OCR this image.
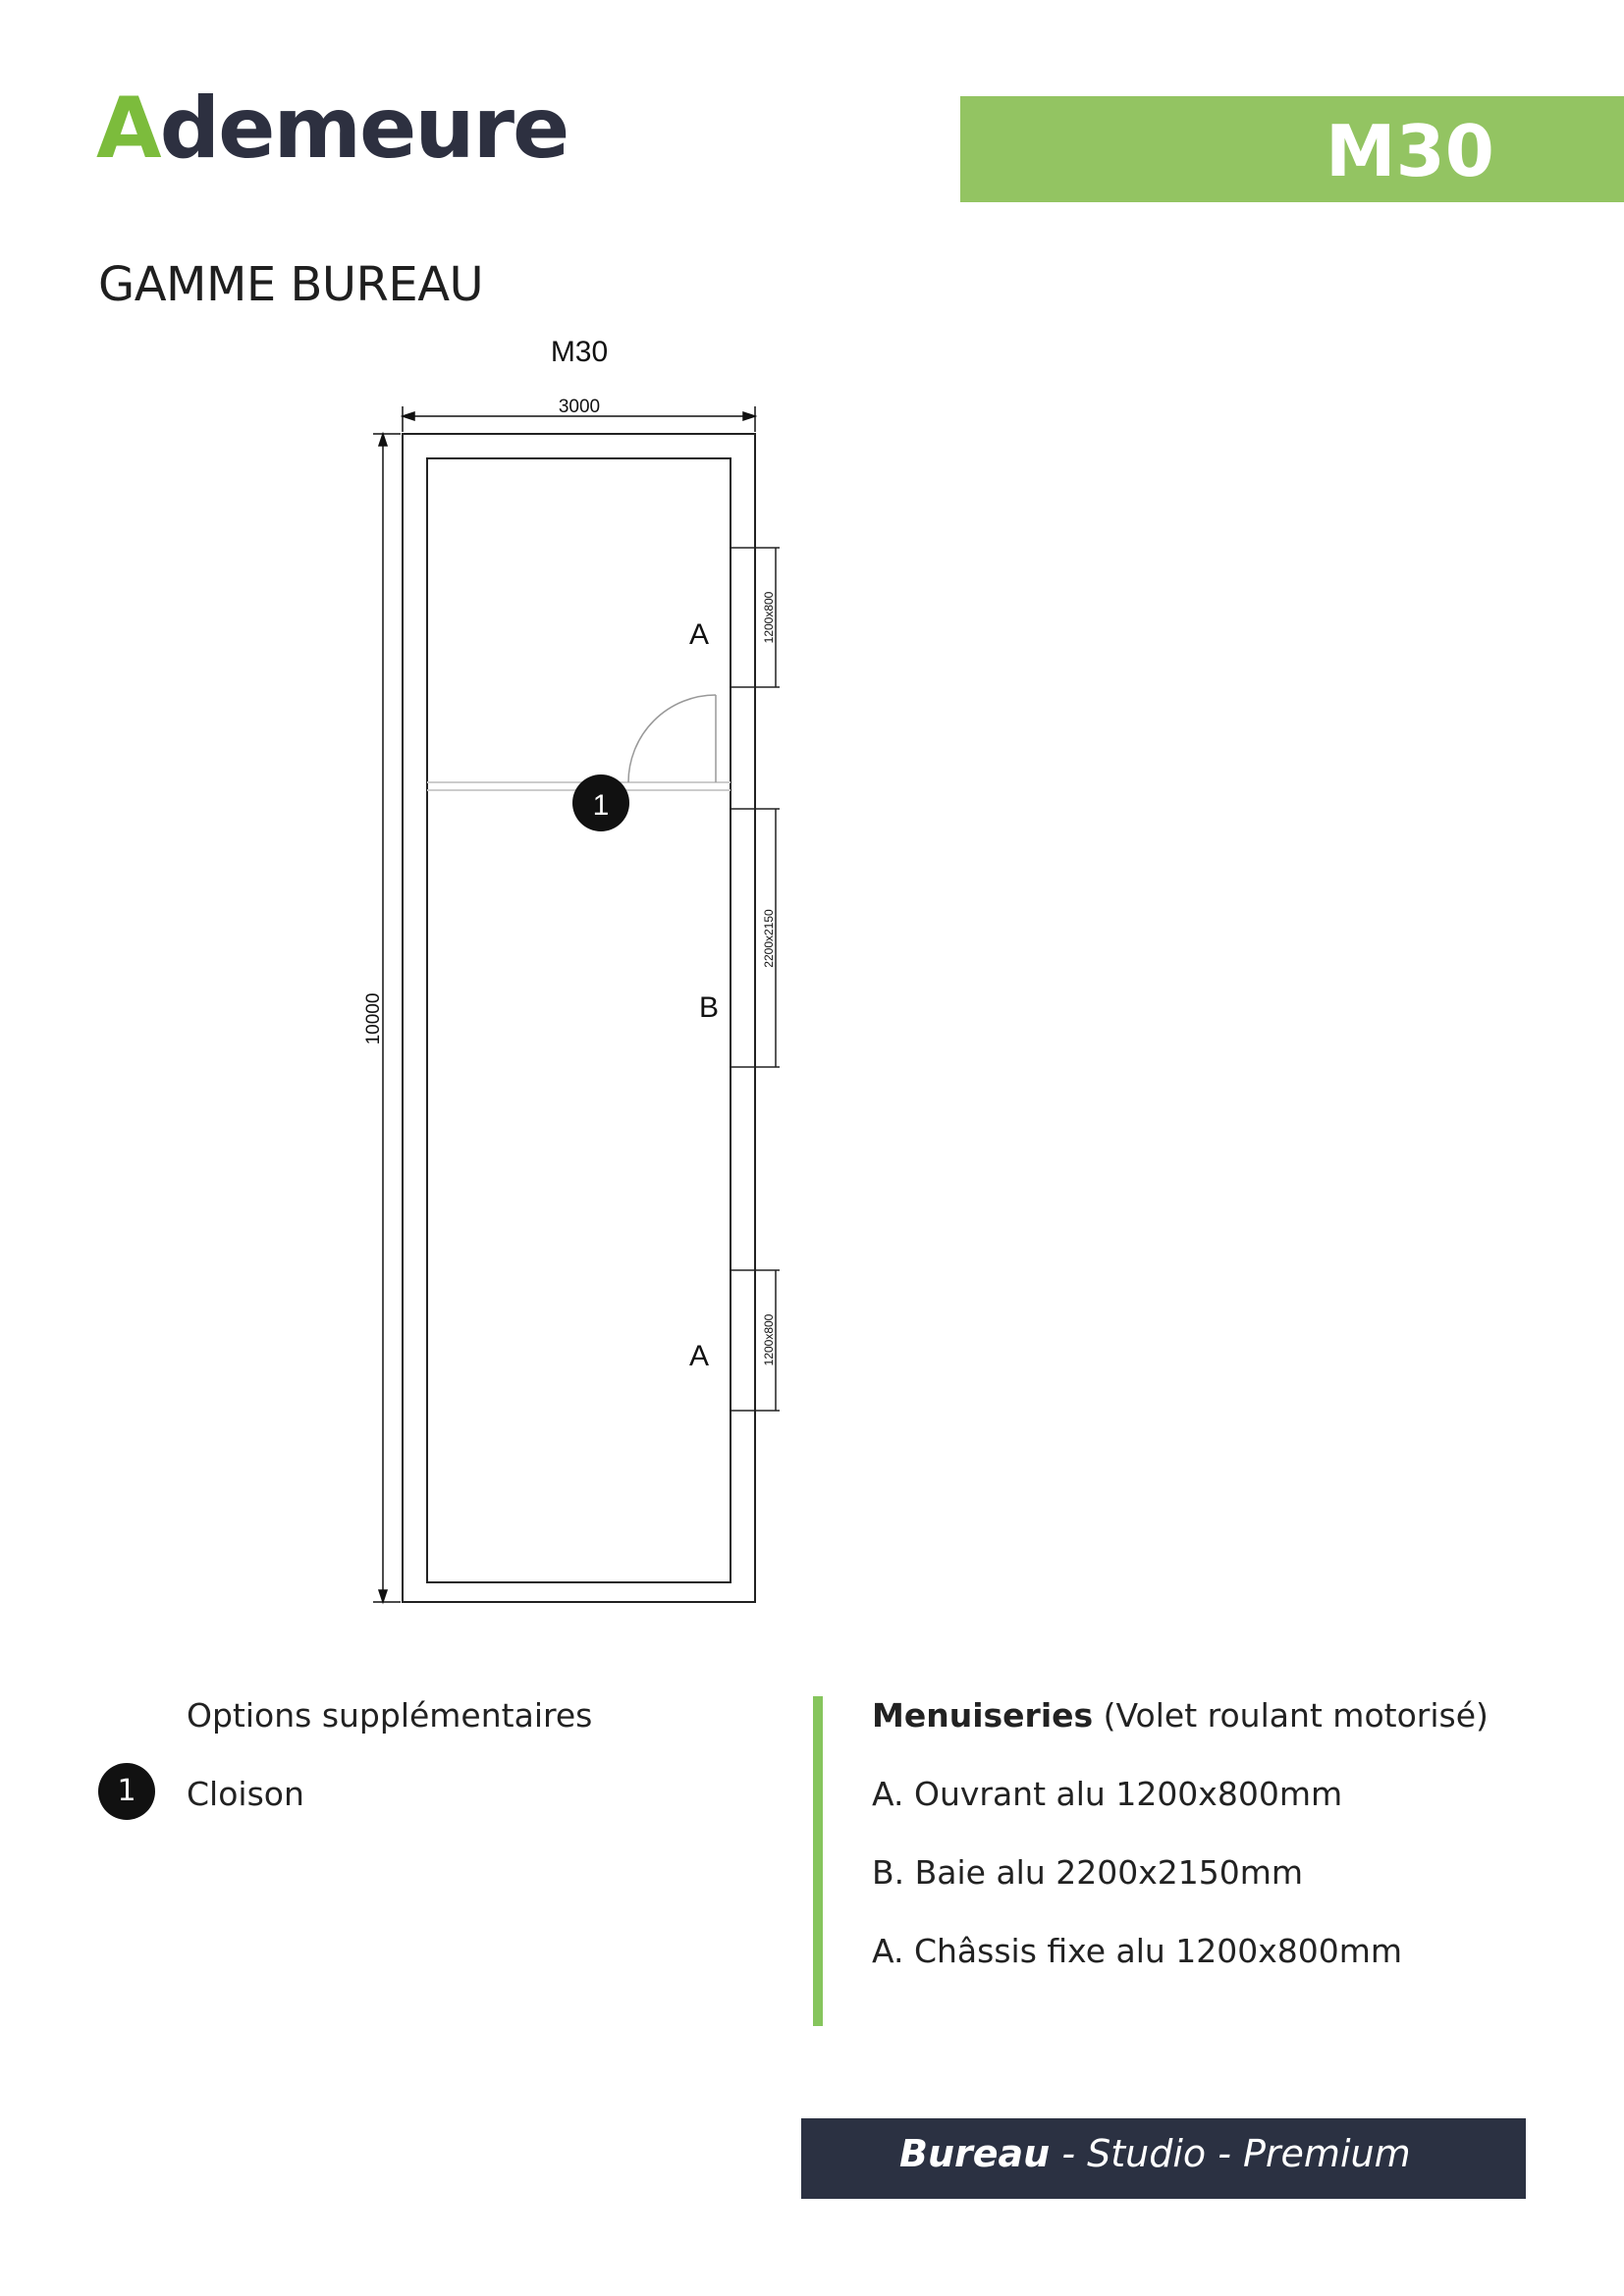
Ademeure	M30
GAMME BUREAU
M30
3000
10000
A	1200x800
B
2200x2150
A	1200x800
1
Options supplémentaires
1	Cloison
Menuiseries (Volet roulant motorisé)
A. Ouvrant alu 1200x800mm
B. Baie alu 2200x2150mm
A. Châssis fixe alu 1200x800mm
Bureau - Studio - Premium
